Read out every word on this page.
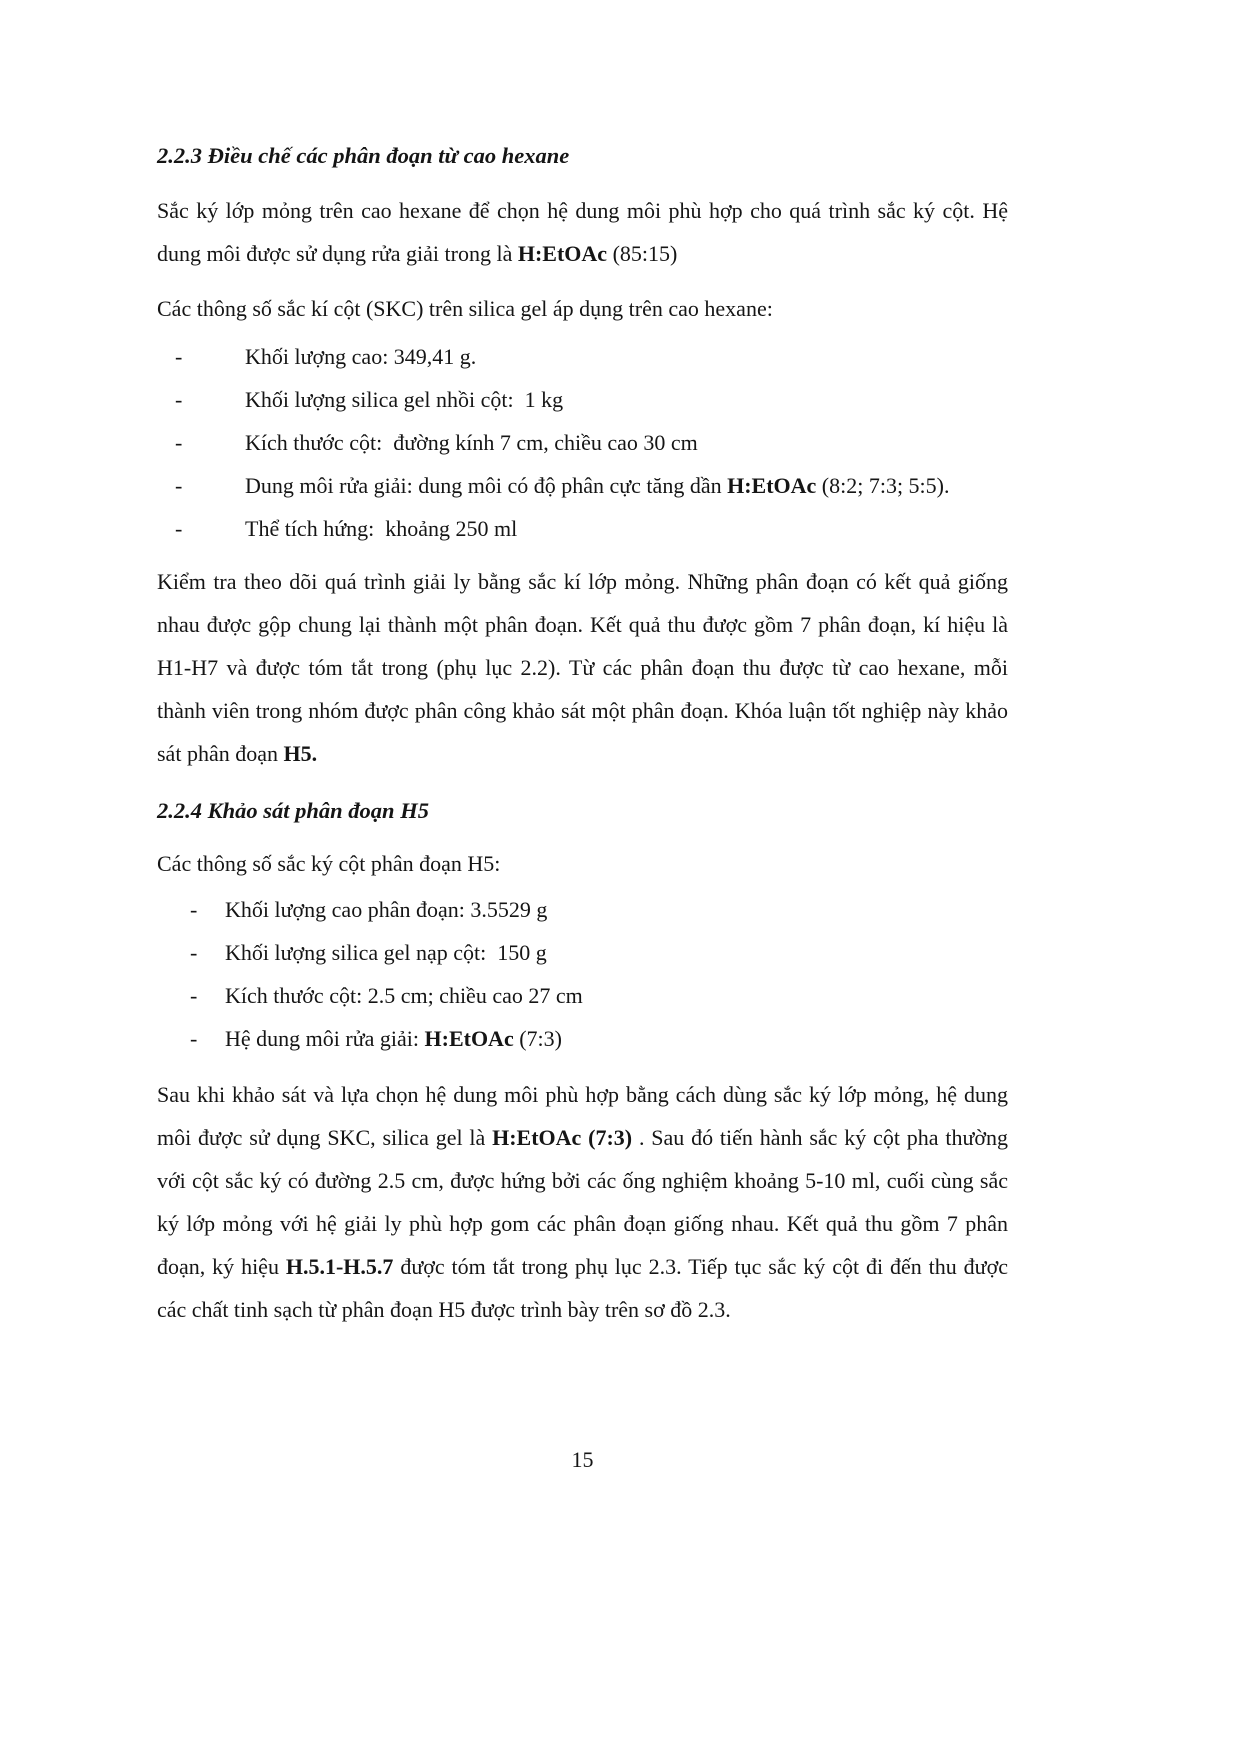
2.2.3 Điều chế các phân đoạn từ cao hexane

Sắc ký lớp mỏng trên cao hexane để chọn hệ dung môi phù hợp cho quá trình sắc ký cột. Hệ dung môi được sử dụng rửa giải trong là H:EtOAc (85:15)

Các thông số sắc kí cột (SKC) trên silica gel áp dụng trên cao hexane:

-	Khối lượng cao: 349,41 g.
-	Khối lượng silica gel nhồi cột:  1 kg
-	Kích thước cột:  đường kính 7 cm, chiều cao 30 cm
-	Dung môi rửa giải: dung môi có độ phân cực tăng dần H:EtOAc (8:2; 7:3; 5:5).
-	Thể tích hứng:  khoảng 250 ml

Kiểm tra theo dõi quá trình giải ly bằng sắc kí lớp mỏng. Những phân đoạn có kết quả giống nhau được gộp chung lại thành một phân đoạn. Kết quả thu được gồm 7 phân đoạn, kí hiệu là H1-H7 và được tóm tắt trong (phụ lục 2.2). Từ các phân đoạn thu được từ cao hexane, mỗi thành viên trong nhóm được phân công khảo sát một phân đoạn. Khóa luận tốt nghiệp này khảo sát phân đoạn H5.

2.2.4 Khảo sát phân đoạn H5

Các thông số sắc ký cột phân đoạn H5:

-	Khối lượng cao phân đoạn: 3.5529 g
-	Khối lượng silica gel nạp cột:  150 g
-	Kích thước cột: 2.5 cm; chiều cao 27 cm
-	Hệ dung môi rửa giải: H:EtOAc (7:3)

Sau khi khảo sát và lựa chọn hệ dung môi phù hợp bằng cách dùng sắc ký lớp mỏng, hệ dung môi được sử dụng SKC, silica gel là H:EtOAc (7:3) . Sau đó tiến hành sắc ký cột pha thường với cột sắc ký có đường 2.5 cm, được hứng bởi các ống nghiệm khoảng 5-10 ml, cuối cùng sắc ký lớp mỏng với hệ giải ly phù hợp gom các phân đoạn giống nhau. Kết quả thu gồm 7 phân đoạn, ký hiệu H.5.1-H.5.7 được tóm tắt trong phụ lục 2.3. Tiếp tục sắc ký cột đi đến thu được các chất tinh sạch từ phân đoạn H5 được trình bày trên sơ đồ 2.3.

15
